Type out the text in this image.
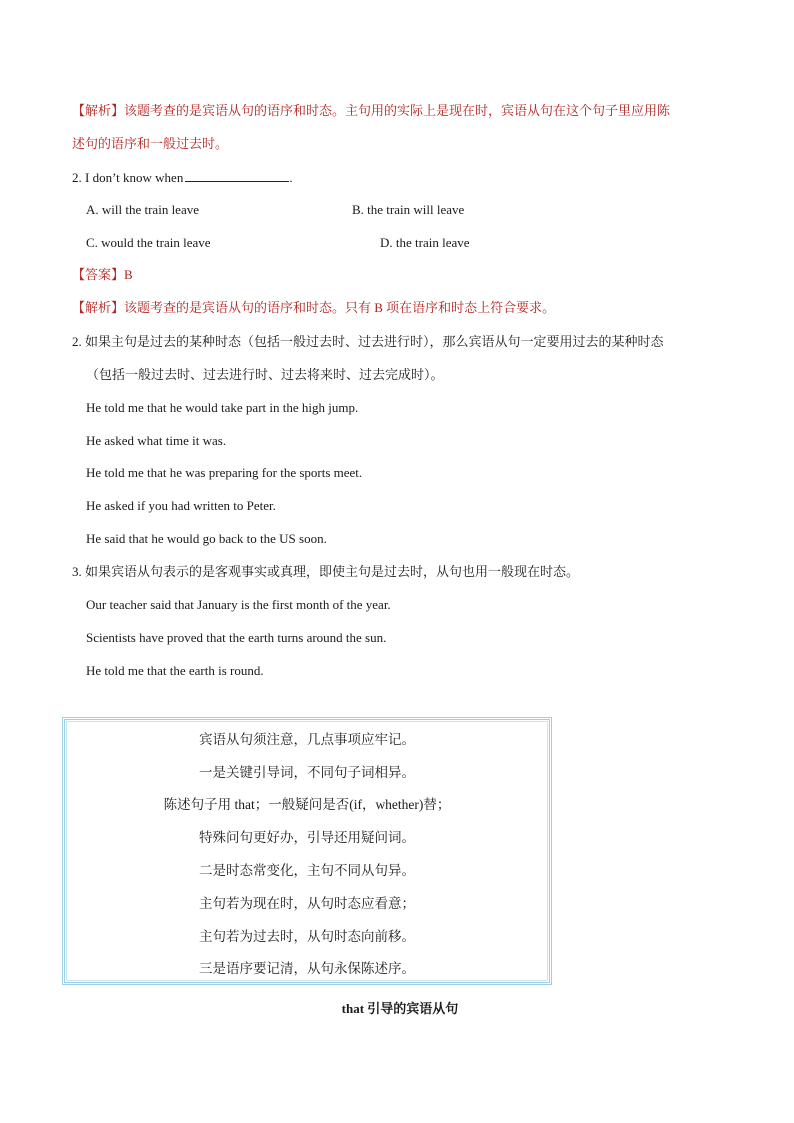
【解析】该题考查的是宾语从句的语序和时态。主句用的实际上是现在时，宾语从句在这个句子里应用陈
述句的语序和一般过去时。
2. I don’t know when	.
A. will the train leave	B. the train will leave
C. would the train leave	D. the train leave
【答案】B
【解析】该题考查的是宾语从句的语序和时态。只有 B 项在语序和时态上符合要求。
2. 如果主句是过去的某种时态（包括一般过去时、过去进行时），那么宾语从句一定要用过去的某种时态
（包括一般过去时、过去进行时、过去将来时、过去完成时）。
He told me that he would take part in the high jump.
He asked what time it was.
He told me that he was preparing for the sports meet.
He asked if you had written to Peter.
He said that he would go back to the US soon.
3. 如果宾语从句表示的是客观事实或真理，即使主句是过去时，从句也用一般现在时态。
Our teacher said that January is the first month of the year.
Scientists have proved that the earth turns around the sun.
He told me that the earth is round.
宾语从句须注意，几点事项应牢记。
一是关键引导词，不同句子词相异。
陈述句子用 that；一般疑问是否(if，whether)替；
特殊问句更好办，引导还用疑问词。
二是时态常变化，主句不同从句异。
主句若为现在时，从句时态应看意；
主句若为过去时，从句时态向前移。
三是语序要记清，从句永保陈述序。
that 引导的宾语从句
